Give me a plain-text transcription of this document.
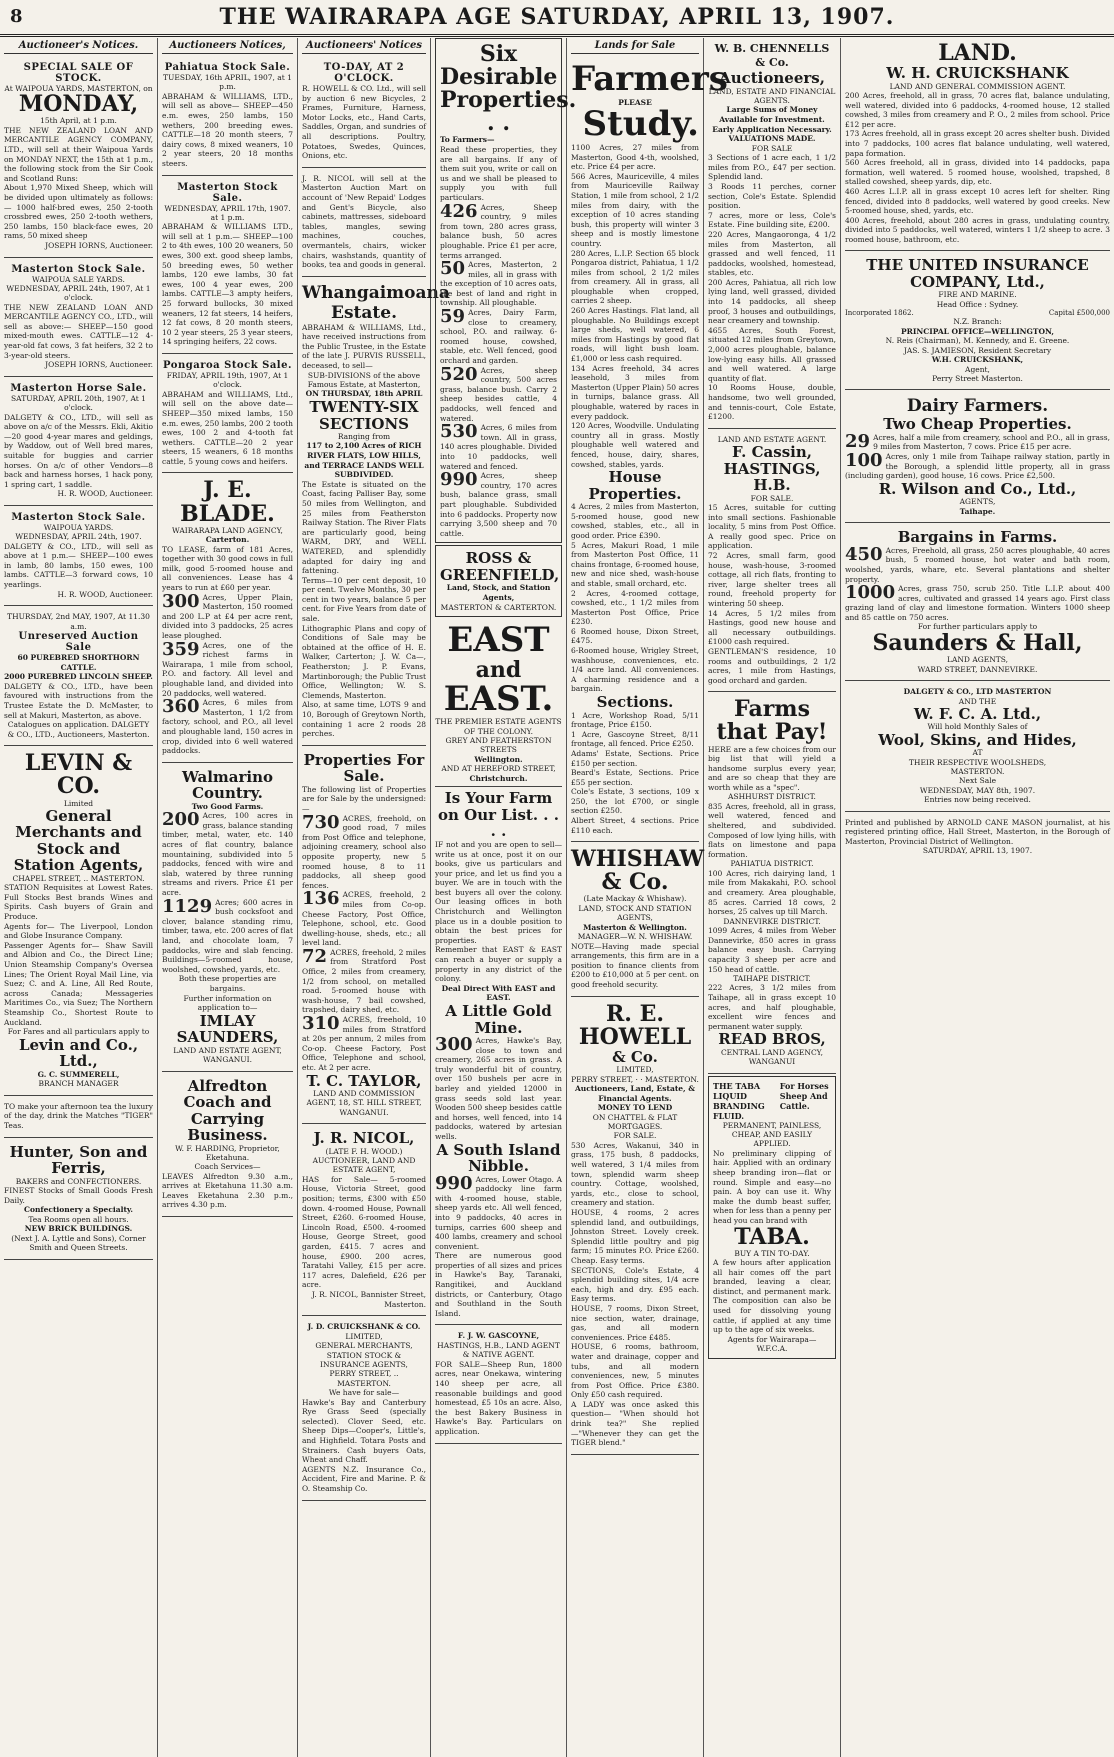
8	THE WAIRARAPA AGE SATURDAY, APRIL 13, 1907.
Auctioneer's Notices.
SPECIAL SALE OF STOCK.
At WAIPOUA YARDS, MASTERTON, on
MONDAY,
15th April, at 1 p.m.
THE NEW ZEALAND LOAN AND MERCANTILE AGENCY COMPANY, LTD., will sell at their Waipoua Yards on MONDAY NEXT, the 15th at 1 p.m., the following stock from the Sir Cook and Scotland Runs:
About 1,970 Mixed Sheep, which will be divided upon ultimately as follows:— 1000 half-bred ewes, 250 2-tooth crossbred ewes, 250 2-tooth wethers, 250 lambs, 150 black-face ewes, 20 rams, 50 mixed sheep
JOSEPH IORNS, Auctioneer.
Masterton Stock Sale.
WAIPOUA SALE YARDS.
WEDNESDAY, APRIL 24th, 1907, At 1 o'clock.
THE NEW ZEALAND LOAN AND MERCANTILE AGENCY CO., LTD., will sell as above:— SHEEP—150 good mixed-mouth ewes. CATTLE—12 4-year-old fat cows, 3 fat heifers, 32 2 to 3-year-old steers.
JOSEPH IORNS, Auctioneer.
Masterton Horse Sale.
SATURDAY, APRIL 20th, 1907, At 1 o'clock.
DALGETY & CO., LTD., will sell as above on a/c of the Messrs. Ekli, Akitio—20 good 4-year mares and geldings, by Waddow, out of Well bred mares, suitable for buggies and carrier horses. On a/c of other Vendors—8 back and harness horses, 1 hack pony, 1 spring cart, 1 saddle.
H. R. WOOD, Auctioneer.
Masterton Stock Sale.
WAIPOUA YARDS.
WEDNESDAY, APRIL 24th, 1907.
DALGETY & CO., LTD., will sell as above at 1 p.m.— SHEEP—100 ewes in lamb, 80 lambs, 150 ewes, 100 lambs. CATTLE—3 forward cows, 10 yearlings.
H. R. WOOD, Auctioneer.
THURSDAY, 2nd MAY, 1907, At 11.30 a.m.
Unreserved Auction Sale
60 PUREBRED SHORTHORN CATTLE.
2000 PUREBRED LINCOLN SHEEP.
DALGETY & CO., LTD., have been favoured with instructions from the Trustee Estate the D. McMaster, to sell at Makuri, Masterton, as above.
Catalogues on application. DALGETY & CO., LTD., Auctioneers, Masterton.
LEVIN & CO.
Limited
General Merchants and Stock and Station Agents,
CHAPEL STREET, .. MASTERTON.
STATION Requisites at Lowest Rates. Full Stocks Best brands Wines and Spirits. Cash buyers of Grain and Produce.
Agents for— The Liverpool, London and Globe Insurance Company.
Passenger Agents for— Shaw Savill and Albion and Co., the Direct Line; Union Steamship Company's Oversea Lines; The Orient Royal Mail Line, via Suez; C. and A. Line, All Red Route, across Canada; Messageries Maritimes Co., via Suez; The Northern Steamship Co., Shortest Route to Auckland.
For Fares and all particulars apply to
Levin and Co., Ltd.,
G. C. SUMMERELL,
BRANCH MANAGER
TO make your afternoon tea the luxury of the day, drink the Matches "TIGER" Teas.
Hunter, Son and Ferris,
BAKERS and CONFECTIONERS.
FINEST Stocks of Small Goods Fresh Daily.
Confectionery a Specialty.
Tea Rooms open all hours.
NEW BRICK BUILDINGS.
(Next J. A. Lyttle and Sons), Corner Smith and Queen Streets.
Auctioneers Notices,
Pahiatua Stock Sale.
TUESDAY, 16th APRIL, 1907, at 1 p.m.
ABRAHAM & WILLIAMS, LTD., will sell as above— SHEEP—450 e.m. ewes, 250 lambs, 150 wethers, 200 breeding ewes. CATTLE—18 20 month steers, 7 dairy cows, 8 mixed weaners, 10 2 year steers, 20 18 months steers.
Masterton Stock Sale.
WEDNESDAY, APRIL 17th, 1907. at 1 p.m.
ABRAHAM & WILLIAMS LTD., will sell at 1 p.m.— SHEEP—100 2 to 4th ewes, 100 20 weaners, 50 ewes, 300 ext. good sheep lambs, 50 breeding ewes, 50 wether lambs, 120 ewe lambs, 30 fat ewes, 100 4 year ewes, 200 lambs. CATTLE—3 ampty heifers, 25 forward bullocks, 30 mixed weaners, 12 fat steers, 14 heifers, 12 fat cows, 8 20 month steers, 10 2 year steers, 25 3 year steers, 14 springing heifers, 22 cows.
Pongaroa Stock Sale.
FRIDAY, APRIL 19th, 1907, At 1 o'clock.
ABRAHAM and WILLIAMS, Ltd., will sell on the above date— SHEEP—350 mixed lambs, 150 e.m. ewes, 250 lambs, 200 2 tooth ewes, 100 2 and 4-tooth fat wethers. CATTLE—20 2 year steers, 15 weaners, 6 18 months cattle, 5 young cows and heifers.
J. E. BLADE.
WAIRARAPA LAND AGENCY,
Carterton.
TO LEASE, farm of 181 Acres, together with 30 good cows in full milk, good 5-roomed house and all conveniences. Lease has 4 years to run at £60 per year.
300 Acres, Upper Plain, Masterton, 150 roomed and 200 L.P at £4 per acre rent, divided into 3 paddocks, 25 acres lease ploughed.
359 Acres, one of the richest farms in Wairarapa, 1 mile from school, P.O. and factory. All level and ploughable land, and divided into 20 paddocks, well watered.
360 Acres, 6 miles from Masterton, 1 1/2 from factory, school, and P.O., all level and ploughable land, 150 acres in crop, divided into 6 well watered paddocks.
Walmarino Country.
Two Good Farms.
200 Acres, 100 acres in grass, balance standing timber, metal, water, etc. 140 acres of flat country, balance mountaining, subdivided into 5 paddocks, fenced with wire and slab, watered by three running streams and rivers. Price £1 per acre.
1129 Acres; 600 acres in bush cocksfoot and clover, balance standing rimu, timber, tawa, etc. 200 acres of flat land, and chocolate loam, 7 paddocks, wire and slab fencing. Buildings—5-roomed house, woolshed, cowshed, yards, etc.
Both these properties are bargains.
Further information on application to—
IMLAY SAUNDERS,
LAND AND ESTATE AGENT, WANGANUI.
Alfredton Coach and Carrying Business.
W. F. HARDING, Proprietor, Eketahuna.
Coach Services—
LEAVES Alfredton 9.30 a.m., arrives at Eketahuna 11.30 a.m. Leaves Eketahuna 2.30 p.m., arrives 4.30 p.m.
Auctioneers' Notices
TO-DAY, AT 2 O'CLOCK.
R. HOWELL & CO. Ltd., will sell by auction 6 new Bicycles, 2 Frames, Furniture, Harness, Motor Locks, etc., Hand Carts, Saddles, Organ, and sundries of all descriptions. Poultry, Potatoes, Swedes, Quinces, Onions, etc.
J. R. NICOL will sell at the Masterton Auction Mart on account of 'New Repaid' Lodges and Gent's Bicycle, also cabinets, mattresses, sideboard tables, mangles, sewing machines, couches, overmantels, chairs, wicker chairs, washstands, quantity of books, tea and goods in general.
Whangaimoana Estate.
ABRAHAM & WILLIAMS, Ltd., have received instructions from the Public Trustee, in the Estate of the late J. PURVIS RUSSELL, deceased, to sell—
SUB-DIVISIONS of the above Famous Estate, at Masterton,
ON THURSDAY, 18th APRIL
TWENTY-SIX SECTIONS
Ranging from
117 to 2,100 Acres of RICH RIVER FLATS, LOW HILLS, and TERRACE LANDS WELL SUBDIVIDED.
The Estate is situated on the Coast, facing Palliser Bay, some 50 miles from Wellington, and 25 miles from Featherston Railway Station. The River Flats are particularly good, being WARM, DRY, and WELL WATERED, and splendidly adapted for dairy ing and fattening.
Terms—10 per cent deposit, 10 per cent. Twelve Months, 30 per cent in two years, balance 5 per cent. for Five Years from date of sale.
Lithographic Plans and copy of Conditions of Sale may be obtained at the office of H. E. Walker, Carterton; J. W. Ca—, Featherston; J. P. Evans, Martinborough; the Public Trust Office, Wellington; W. S. Clemends, Masterton.
Also, at same time, LOTS 9 and 10, Borough of Greytown North, containing 1 acre 2 roods 28 perches.
Properties For Sale.
The following list of Properties are for Sale by the undersigned:—
730 ACRES, freehold, on good road, 7 miles from Post Office and telephone, adjoining creamery, school also opposite property, new 5 roomed house, 8 to 11 paddocks, all sheep good fences.
136 ACRES, freehold, 2 miles from Co-op. Cheese Factory, Post Office, Telephone, school, etc. Good dwelling-house, sheds, etc.; all level land.
72 ACRES, freehold, 2 miles from Stratford Post Office, 2 miles from creamery, 1/2 from school, on metalled road. 5-roomed house with wash-house, 7 bail cowshed, trapshed, dairy shed, etc.
310 ACRES, freehold, 10 miles from Stratford at 20s per annum, 2 miles from Co-op. Cheese Factory, Post Office, Telephone and school, etc. At 2 per acre.
T. C. TAYLOR,
LAND AND COMMISSION AGENT, 18, ST. HILL STREET, WANGANUI.
J. R. NICOL,
(LATE F. H. WOOD.)
AUCTIONEER, LAND AND ESTATE AGENT,
HAS for Sale— 5-roomed House, Victoria Street, good position; terms, £300 with £50 down. 4-roomed House, Pownall Street, £260. 6-roomed House, Lincoln Road, £500. 4-roomed House, George Street, good garden, £415. 7 acres and house, £900. 200 acres, Taratahi Valley, £15 per acre. 117 acres, Dalefield, £26 per acre.
J. R. NICOL, Bannister Street, Masterton.
J. D. CRUICKSHANK & CO.
LIMITED,
GENERAL MERCHANTS, STATION STOCK & INSURANCE AGENTS,
PERRY STREET, .. MASTERTON.
We have for sale—
Hawke's Bay and Canterbury Rye Grass Seed (specially selected). Clover Seed, etc. Sheep Dips—Cooper's, Little's, and Highfield. Totara Posts and Strainers. Cash buyers Oats, Wheat and Chaff.
AGENTS N.Z. Insurance Co., Accident, Fire and Marine. P. & O. Steamship Co.
Six Desirable Properties. . .
To Farmers—
Read these properties, they are all bargains. If any of them suit you, write or call on us and we shall be pleased to supply you with full particulars.
426 Acres, Sheep country, 9 miles from town, 280 acres grass, balance bush, 50 acres ploughable. Price £1 per acre, terms arranged.
50 Acres, Masterton, 2 miles, all in grass with the exception of 10 acres oats, the best of land and right in township. All ploughable.
59 Acres, Dairy Farm, close to creamery, school, P.O. and railway. 6-roomed house, cowshed, stable, etc. Well fenced, good orchard and garden.
520 Acres, sheep country, 500 acres grass, balance bush. Carry 2 sheep besides cattle, 4 paddocks, well fenced and watered.
530 Acres, 6 miles from town. All in grass, 140 acres ploughable. Divided into 10 paddocks, well watered and fenced.
990 Acres, sheep country, 170 acres bush, balance grass, small part ploughable. Subdivided into 6 paddocks. Property now carrying 3,500 sheep and 70 cattle.
ROSS & GREENFIELD,
Land, Stock, and Station Agents,
MASTERTON & CARTERTON.
EAST
and
EAST.
THE PREMIER ESTATE AGENTS OF THE COLONY.
GREY AND FEATHERSTON STREETS
Wellington.
AND AT HEREFORD STREET,
Christchurch.
Is Your Farm on Our List. . . . .
IF not and you are open to sell—write us at once, post it on our books, give us particulars and your price, and let us find you a buyer. We are in touch with the best buyers all over the colony. Our leasing offices in both Christchurch and Wellington place us in a double position to obtain the best prices for properties.
Remember that EAST & EAST can reach a buyer or supply a property in any district of the colony.
Deal Direct With EAST and EAST.
A Little Gold Mine.
300 Acres, Hawke's Bay, close to town and creamery, 265 acres in grass. A truly wonderful bit of country, over 150 bushels per acre in barley and yielded 12000 in grass seeds sold last year. Wooden 500 sheep besides cattle and horses, well fenced, into 14 paddocks, watered by artesian wells.
A South Island Nibble.
990 Acres, Lower Otago. A paddocky line farm with 4-roomed house, stable, sheep yards etc. All well fenced, into 9 paddocks, 40 acres in turnips, carries 600 sheep and 400 lambs, creamery and school convenient.
There are numerous good properties of all sizes and prices in Hawke's Bay, Taranaki, Rangitikei, and Auckland districts, or Canterbury, Otago and Southland in the South Island.
F. J. W. GASCOYNE,
HASTINGS, H.B., LAND AGENT & NATIVE AGENT.
FOR SALE—Sheep Run, 1800 acres, near Onekawa, wintering 140 sheep per acre, all reasonable buildings and good homestead, £5 10s an acre. Also, the best Bakery Business in Hawke's Bay. Particulars on application.
Lands for Sale
Farmers
PLEASE
Study.
1100 Acres, 27 miles from Masterton, Good 4-th, woolshed, etc. Price £4 per acre.
566 Acres, Mauriceville, 4 miles from Mauriceville Railway Station, 1 mile from school, 2 1/2 miles from dairy, with the exception of 10 acres standing bush, this property will winter 3 sheep and is mostly limestone country.
280 Acres, L.I.P. Section 65 block Pongaroa district, Pahiatua, 1 1/2 miles from school, 2 1/2 miles from creamery. All in grass, all ploughable when cropped, carries 2 sheep.
260 Acres Hastings. Flat land, all ploughable. No Buildings except large sheds, well watered, 6 miles from Hastings by good flat roads, will light bush loam. £1,000 or less cash required.
134 Acres freehold, 34 acres leasehold, 3 miles from Masterton (Upper Plain) 50 acres in turnips, balance grass. All ploughable, watered by races in every paddock.
120 Acres, Woodville. Undulating country all in grass. Mostly ploughable well watered and fenced, house, dairy, shares, cowshed, stables, yards.
House Properties.
4 Acres, 2 miles from Masterton, 5-roomed house, good new cowshed, stables, etc., all in good order. Price £390.
5 Acres, Makuri Road, 1 mile from Masterton Post Office, 11 chains frontage, 6-roomed house, new and nice shed, wash-house and stable, small orchard, etc.
2 Acres, 4-roomed cottage, cowshed, etc., 1 1/2 miles from Masterton Post Office, Price £230.
6 Roomed house, Dixon Street, £475.
6-Roomed house, Wrigley Street, washhouse, conveniences, etc. 1/4 acre land. All conveniences. A charming residence and a bargain.
Sections.
1 Acre, Workshop Road, 5/11 frontage, Price £150.
1 Acre, Gascoyne Street, 8/11 frontage, all fenced. Price £250.
Adams' Estate, Sections. Price £150 per section.
Beard's Estate, Sections. Price £55 per section.
Cole's Estate, 3 sections, 109 x 250, the lot £700, or single section £250.
Albert Street, 4 sections. Price £110 each.
WHISHAW & Co.
(Late Mackay & Whishaw).
LAND, STOCK AND STATION AGENTS,
Masterton & Wellington.
MANAGER—W. N. WHISHAW.
NOTE—Having made special arrangements, this firm are in a position to finance clients from £200 to £10,000 at 5 per cent. on good freehold security.
R. E. HOWELL
& Co.
LIMITED,
PERRY STREET, · · MASTERTON.
Auctioneers, Land, Estate, & Financial Agents.
MONEY TO LEND
ON CHATTEL & FLAT MORTGAGES.
FOR SALE.
530 Acres, Wakanui, 340 in grass, 175 bush, 8 paddocks, well watered, 3 1/4 miles from town, splendid warm sheep country. Cottage, woolshed, yards, etc., close to school, creamery and station.
HOUSE, 4 rooms, 2 acres splendid land, and outbuildings, Johnston Street. Lovely creek. Splendid little poultry and pig farm; 15 minutes P.O. Price £260. Cheap. Easy terms.
SECTIONS, Cole's Estate, 4 splendid building sites, 1/4 acre each, high and dry. £95 each. Easy terms.
HOUSE, 7 rooms, Dixon Street, nice section, water, drainage, gas, and all modern conveniences. Price £485.
HOUSE, 6 rooms, bathroom, water and drainage, copper and tubs, and all modern conveniences, new, 5 minutes from Post Office. Price £380. Only £50 cash required.
A LADY was once asked this question— "When should hot drink tea?" She replied—"Whenever they can get the TIGER blend."
W. B. CHENNELLS & Co.
Auctioneers,
LAND, ESTATE AND FINANCIAL AGENTS.
Large Sums of Money Available for Investment. Early Application Necessary. VALUATIONS MADE.
FOR SALE
3 Sections of 1 acre each, 1 1/2 miles from P.O., £47 per section. Splendid land.
3 Roods 11 perches, corner section, Cole's Estate. Splendid position.
7 acres, more or less, Cole's Estate. Fine building site, £200.
220 Acres, Mangaoronga, 4 1/2 miles from Masterton, all grassed and well fenced, 11 paddocks, woolshed, homestead, stables, etc.
200 Acres, Pahiatua, all rich low lying land, well grassed, divided into 14 paddocks, all sheep proof, 3 houses and outbuildings, near creamery and township.
4655 Acres, South Forest, situated 12 miles from Greytown, 2,000 acres ploughable, balance low-lying easy hills. All grassed and well watered. A large quantity of flat.
10 Rooms House, double, handsome, two well grounded, and tennis-court, Cole Estate, £1200.
LAND AND ESTATE AGENT.
F. Cassin,
HASTINGS, H.B.
FOR SALE.
15 Acres, suitable for cutting into small sections. Fashionable locality, 5 mins from Post Office. A really good spec. Price on application.
72 Acres, small farm, good house, wash-house, 3-roomed cottage, all rich flats, fronting to river, large shelter trees all round, freehold property for wintering 50 sheep.
14 Acres, 5 1/2 miles from Hastings, good new house and all necessary outbuildings. £1000 cash required.
GENTLEMAN'S residence, 10 rooms and outbuildings, 2 1/2 acres, 1 mile from Hastings, good orchard and garden.
Farms that Pay!
HERE are a few choices from our big list that will yield a handsome surplus every year, and are so cheap that they are worth while as a "spec".
ASHHURST DISTRICT.
835 Acres, freehold, all in grass, well watered, fenced and sheltered, and subdivided. Composed of low lying hills, with flats on limestone and papa formation.
PAHIATUA DISTRICT.
100 Acres, rich dairying land, 1 mile from Makakahi, P.O. school and creamery. Area ploughable, 85 acres. Carried 18 cows, 2 horses, 25 calves up till March.
DANNEVIRKE DISTRICT.
1099 Acres, 4 miles from Weber Dannevirke, 850 acres in grass balance easy bush. Carrying capacity 3 sheep per acre and 150 head of cattle.
TAIHAPE DISTRICT.
222 Acres, 3 1/2 miles from Taihape, all in grass except 10 acres, and half ploughable, excellent wire fences and permanent water supply.
READ BROS,
CENTRAL LAND AGENCY, WANGANUI
THE TABA LIQUID BRANDING FLUID.
For Horses Sheep And Cattle.
PERMANENT, PAINLESS, CHEAP, AND EASILY APPLIED.
No preliminary clipping of hair. Applied with an ordinary sheep branding iron—flat or round. Simple and easy—no pain. A boy can use it. Why make the dumb beast suffer, when for less than a penny per head you can brand with
TABA.
BUY A TIN TO-DAY.
A few hours after application all hair comes off the part branded, leaving a clear, distinct, and permanent mark. The composition can also be used for dissolving young cattle, if applied at any time up to the age of six weeks.
Agents for Wairarapa—W.F.C.A.
LAND.
W. H. CRUICKSHANK
LAND AND GENERAL COMMISSION AGENT.
200 Acres, freehold, all in grass, 70 acres flat, balance undulating, well watered, divided into 6 paddocks, 4-roomed house, 12 stalled cowshed, 3 miles from creamery and P. O., 2 miles from school. Price £12 per acre.
173 Acres freehold, all in grass except 20 acres shelter bush. Divided into 7 paddocks, 100 acres flat balance undulating, well watered, papa formation.
560 Acres freehold, all in grass, divided into 14 paddocks, papa formation, well watered. 5 roomed house, woolshed, trapshed, 8 stalled cowshed, sheep yards, dip, etc.
460 Acres L.I.P. all in grass except 10 acres left for shelter. Ring fenced, divided into 8 paddocks, well watered by good creeks. New 5-roomed house, shed, yards, etc.
400 Acres, freehold, about 280 acres in grass, undulating country, divided into 5 paddocks, well watered, winters 1 1/2 sheep to acre. 3 roomed house, bathroom, etc.
THE UNITED INSURANCE COMPANY, Ltd.,
FIRE AND MARINE.
Head Office : Sydney.
Incorporated 1862.	Capital £500,000
N.Z. Branch:
PRINCIPAL OFFICE—WELLINGTON,
N. Reis (Chairman), M. Kennedy, and E. Greene.
JAS. S. JAMIESON, Resident Secretary
W.H. CRUICKSHANK,
Agent,
Perry Street Masterton.
Dairy Farmers.
Two Cheap Properties.
29 Acres, half a mile from creamery, school and P.O., all in grass, 9 miles from Masterton, 7 cows. Price £15 per acre.
100 Acres, only 1 mile from Taihape railway station, partly in the Borough, a splendid little property, all in grass (including garden), good house, 16 cows. Price £2,500.
R. Wilson and Co., Ltd.,
AGENTS,
Taihape.
Bargains in Farms.
450 Acres, Freehold, all grass, 250 acres ploughable, 40 acres bush, 5 roomed house, hot water and bath room, woolshed, yards, whare, etc. Several plantations and shelter property.
1000 Acres, grass 750, scrub 250. Title L.I.P. about 400 acres, cultivated and grassed 14 years ago. First class grazing land of clay and limestone formation. Winters 1000 sheep and 85 cattle on 750 acres.
For further particulars apply to
Saunders & Hall,
LAND AGENTS,
WARD STREET, DANNEVIRKE.
DALGETY & CO., LTD MASTERTON
AND THE
W. F. C. A. Ltd.,
Will hold Monthly Sales of
Wool, Skins, and Hides,
AT
THEIR RESPECTIVE WOOLSHEDS,
MASTERTON.
Next Sale
WEDNESDAY, MAY 8th, 1907.
Entries now being received.
Printed and published by ARNOLD CANE MASON journalist, at his registered printing office, Hall Street, Masterton, in the Borough of Masterton, Provincial District of Wellington.
SATURDAY, APRIL 13, 1907.
